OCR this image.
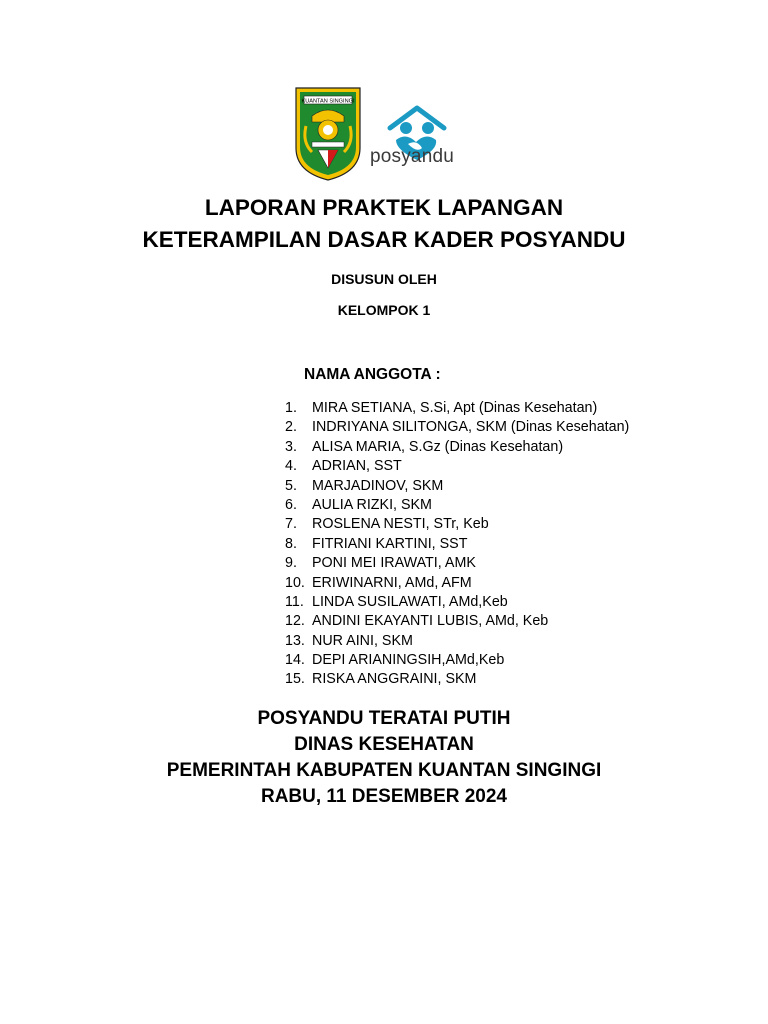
KUANTAN SINGINGI
posyandu
LAPORAN PRAKTEK LAPANGAN
KETERAMPILAN DASAR KADER POSYANDU
DISUSUN OLEH
KELOMPOK 1
NAMA ANGGOTA :
1. MIRA SETIANA, S.Si, Apt (Dinas Kesehatan)
2. INDRIYANA SILITONGA, SKM (Dinas Kesehatan)
3. ALISA MARIA, S.Gz (Dinas Kesehatan)
4. ADRIAN, SST
5. MARJADINOV, SKM
6. AULIA RIZKI, SKM
7. ROSLENA NESTI, STr, Keb
8. FITRIANI KARTINI, SST
9. PONI MEI IRAWATI, AMK
10. ERIWINARNI, AMd, AFM
11. LINDA SUSILAWATI, AMd,Keb
12. ANDINI EKAYANTI LUBIS, AMd, Keb
13. NUR AINI, SKM
14. DEPI ARIANINGSIH,AMd,Keb
15. RISKA ANGGRAINI, SKM
POSYANDU TERATAI PUTIH
DINAS KESEHATAN
PEMERINTAH KABUPATEN KUANTAN SINGINGI
RABU, 11 DESEMBER 2024
